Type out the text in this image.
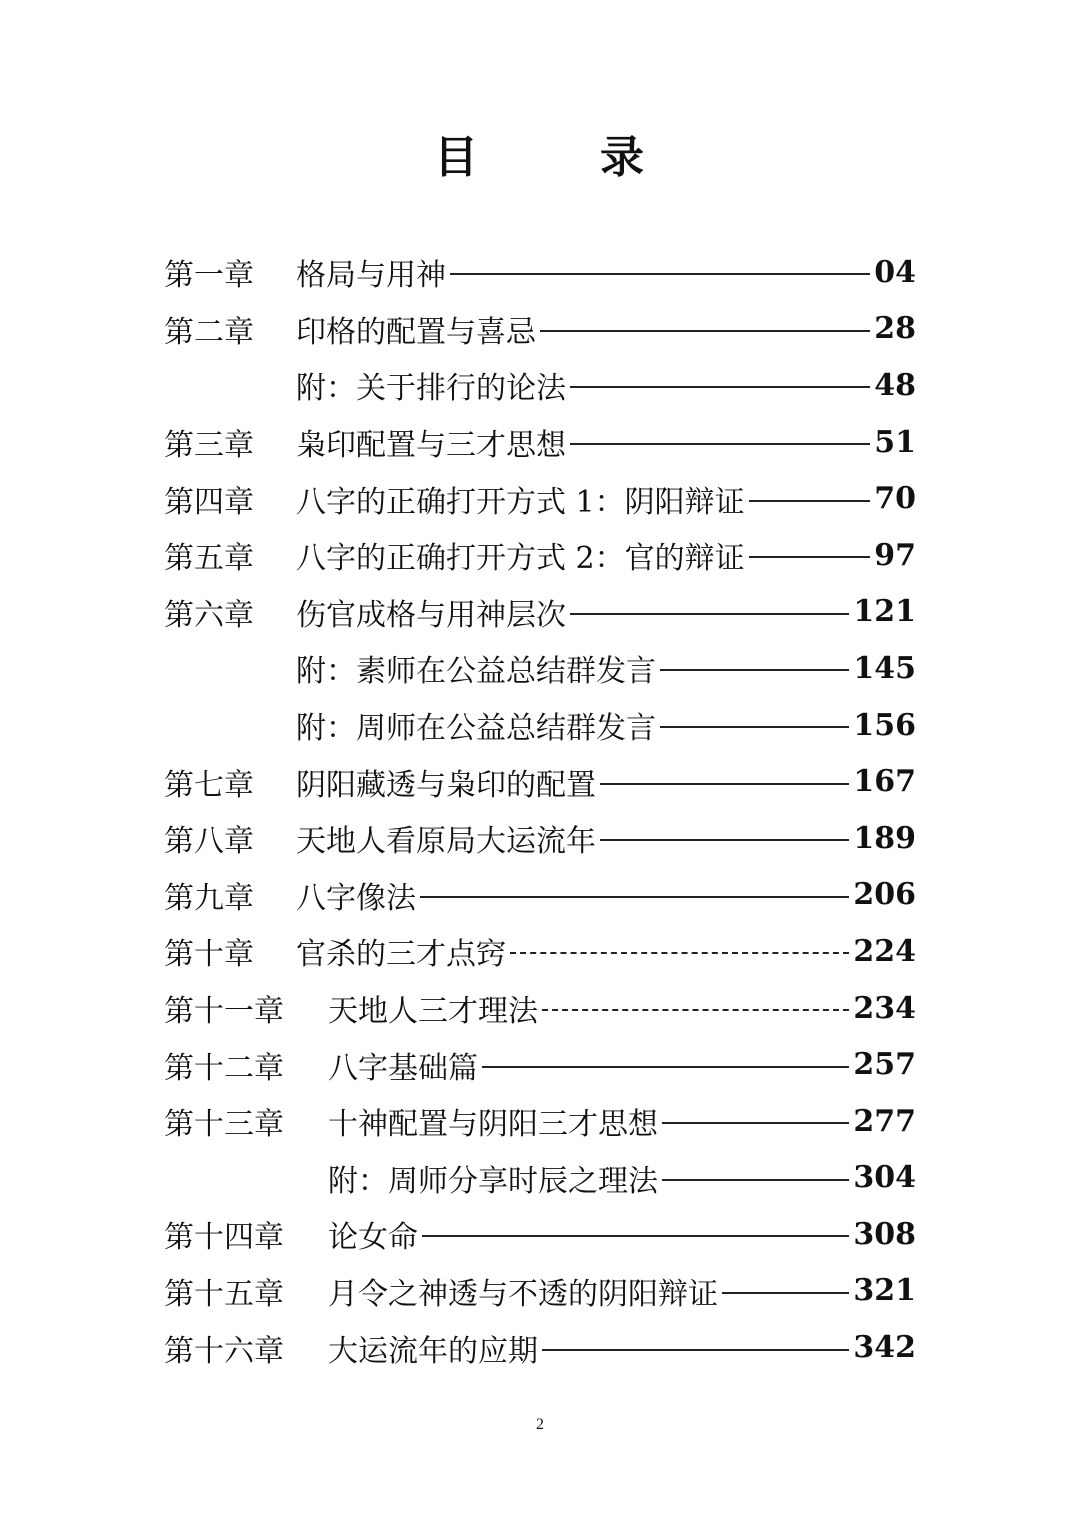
目	录
第一章 格局与用神	04
第二章 印格的配置与喜忌	28
附：关于排行的论法	48
第三章 枭印配置与三才思想	51
第四章 八字的正确打开方式 1：阴阳辩证	70
第五章 八字的正确打开方式 2：官的辩证	97
第六章 伤官成格与用神层次	121
附：素师在公益总结群发言	145
附：周师在公益总结群发言	156
第七章 阴阳藏透与枭印的配置	167
第八章 天地人看原局大运流年	189
第九章 八字像法	206
第十章 官杀的三才点窍	224
第十一章 天地人三才理法	234
第十二章 八字基础篇	257
第十三章 十神配置与阴阳三才思想	277
附：周师分享时辰之理法	304
第十四章 论女命	308
第十五章 月令之神透与不透的阴阳辩证	321
第十六章 大运流年的应期	342
2
